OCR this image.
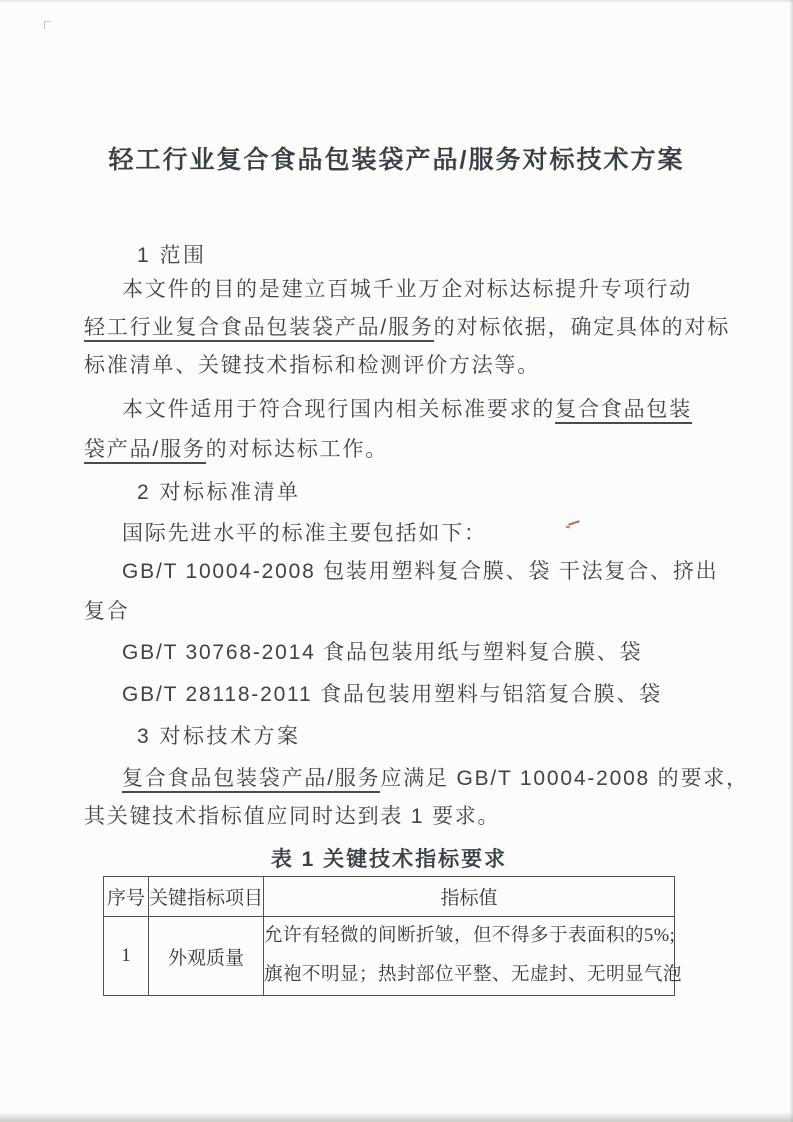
轻工行业复合食品包装袋产品/服务对标技术方案
1 范围
本文件的目的是建立百城千业万企对标达标提升专项行动
轻工行业复合食品包装袋产品/服务的对标依据，确定具体的对标
标准清单、关键技术指标和检测评价方法等。
本文件适用于符合现行国内相关标准要求的复合食品包装
袋产品/服务的对标达标工作。
2 对标标准清单
国际先进水平的标准主要包括如下：
GB/T 10004-2008 包装用塑料复合膜、袋 干法复合、挤出
复合
GB/T 30768-2014 食品包装用纸与塑料复合膜、袋
GB/T 28118-2011 食品包装用塑料与铝箔复合膜、袋
3 对标技术方案
复合食品包装袋产品/服务应满足 GB/T 10004-2008 的要求，
其关键技术指标值应同时达到表 1 要求。
表 1 关键技术指标要求
序号	关键指标项目	指标值
1	外观质量	允许有轻微的间断折皱，但不得多于表面积的5%;
旗袍不明显；热封部位平整、无虚封、无明显气泡
